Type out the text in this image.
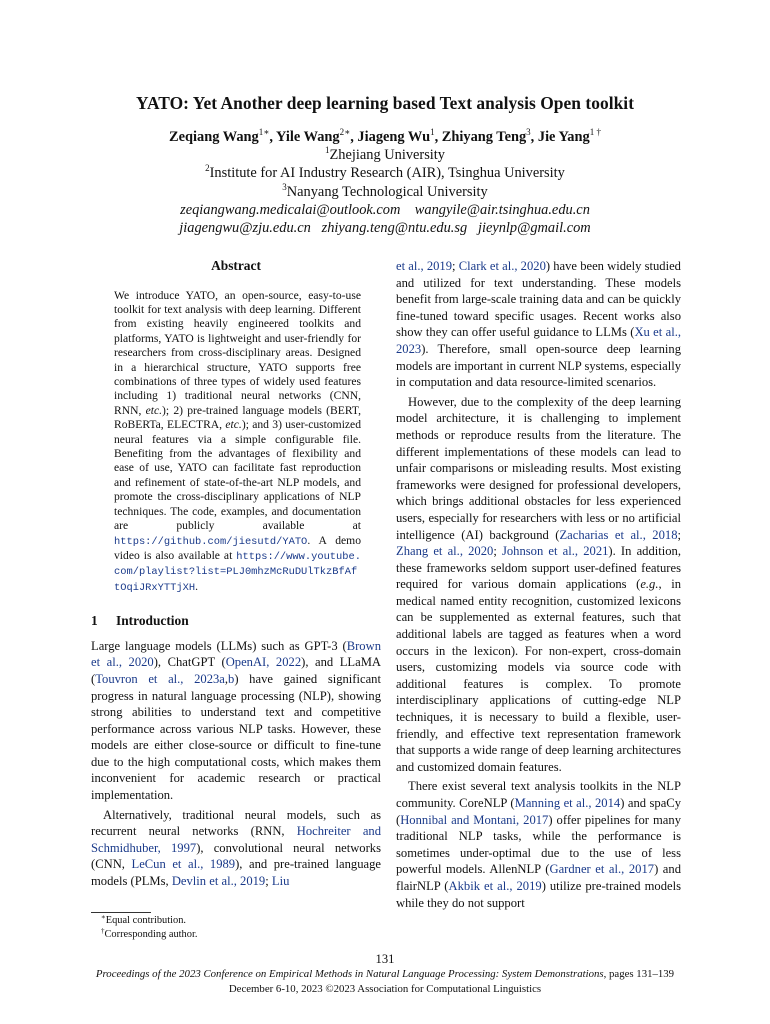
YATO: Yet Another deep learning based Text analysis Open toolkit
Zeqiang Wang$^{1∗}$, Yile Wang$^{2∗}$, Jiageng Wu$^1$, Zhiyang Teng$^3$, Jie Yang$^{1 \dagger}$
$^1$Zhejiang University
$^2$Institute for AI Industry Research (AIR), Tsinghua University
$^3$Nanyang Technological University
zeqiangwang.medicalai@outlook.com    wangyile@air.tsinghua.edu.cn
jiagengwu@zju.edu.cn   zhiyang.teng@ntu.edu.sg   jieynlp@gmail.com
Abstract

We introduce YATO, an open-source, easy-to-use toolkit for text analysis with deep learning. Different from existing heavily engineered toolkits and platforms, YATO is lightweight and user-friendly for researchers from cross-disciplinary areas. Designed in a hierarchical structure, YATO supports free combinations of three types of widely used features including 1) traditional neural networks (CNN, RNN, etc.); 2) pre-trained language models (BERT, RoBERTa, ELECTRA, etc.); and 3) user-customized neural features via a simple configurable file. Benefiting from the advantages of flexibility and ease of use, YATO can facilitate fast reproduction and refinement of state-of-the-art NLP models, and promote the cross-disciplinary applications of NLP techniques. The code, examples, and documentation are publicly available at https://github.com/jiesutd/YATO. A demo video is also available at https://www.youtube.com/playlist?list=PLJ0mhzMcRuDUlTkzBfAftOqiJRxYTTjXH.

1 Introduction

Large language models (LLMs) such as GPT-3 (Brown et al., 2020), ChatGPT (OpenAI, 2022), and LLaMA (Touvron et al., 2023a,b) have gained significant progress in natural language processing (NLP), showing strong abilities to understand text and competitive performance across various NLP tasks. However, these models are either close-source or difficult to fine-tune due to the high computational costs, which makes them inconvenient for academic research or practical implementation.

Alternatively, traditional neural models, such as recurrent neural networks (RNN, Hochreiter and Schmidhuber, 1997), convolutional neural networks (CNN, LeCun et al., 1989), and pre-trained language models (PLMs, Devlin et al., 2019; Liu

∗Equal contribution.
†Corresponding author.

et al., 2019; Clark et al., 2020) have been widely studied and utilized for text understanding. These models benefit from large-scale training data and can be quickly fine-tuned toward specific usages. Recent works also show they can offer useful guidance to LLMs (Xu et al., 2023). Therefore, small open-source deep learning models are important in current NLP systems, especially in computation and data resource-limited scenarios.

However, due to the complexity of the deep learning model architecture, it is challenging to implement methods or reproduce results from the literature. The different implementations of these models can lead to unfair comparisons or misleading results. Most existing frameworks were designed for professional developers, which brings additional obstacles for less experienced users, especially for researchers with less or no artificial intelligence (AI) background (Zacharias et al., 2018; Zhang et al., 2020; Johnson et al., 2021). In addition, these frameworks seldom support user-defined features required for various domain applications (e.g., in medical named entity recognition, customized lexicons can be supplemented as external features, such that additional labels are tagged as features when a word occurs in the lexicon). For non-expert, cross-domain users, customizing models via source code with additional features is complex. To promote interdisciplinary applications of cutting-edge NLP techniques, it is necessary to build a flexible, user-friendly, and effective text representation framework that supports a wide range of deep learning architectures and customized domain features.

There exist several text analysis toolkits in the NLP community. CoreNLP (Manning et al., 2014) and spaCy (Honnibal and Montani, 2017) offer pipelines for many traditional NLP tasks, while the performance is sometimes under-optimal due to the use of less powerful models. AllenNLP (Gardner et al., 2017) and flairNLP (Akbik et al., 2019) utilize pre-trained models while they do not support

131
Proceedings of the 2023 Conference on Empirical Methods in Natural Language Processing: System Demonstrations, pages 131–139
December 6-10, 2023 ©2023 Association for Computational Linguistics
